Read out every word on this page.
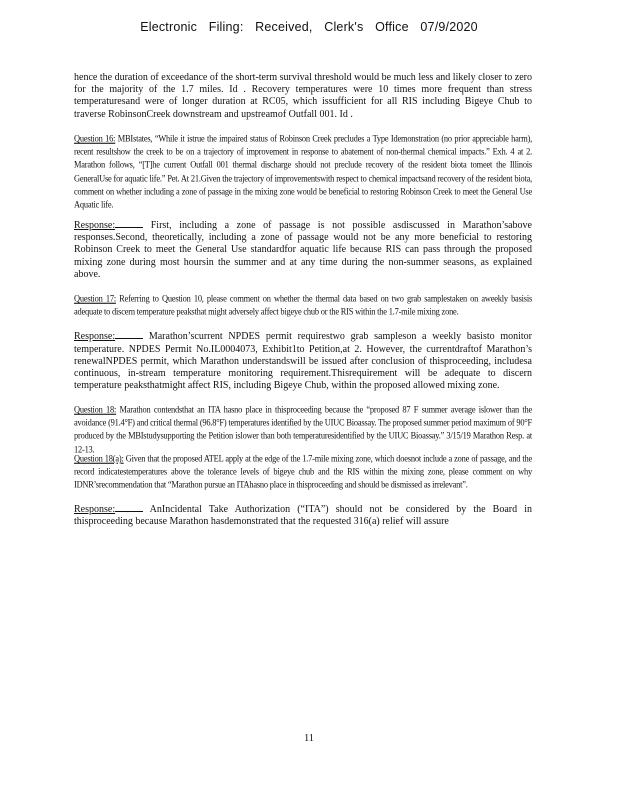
Electronic Filing: Received, Clerk's Office 07/9/2020

hence the duration of exceedance of the short-term survival threshold would be much less and likely closer to zero for the majority of the 1.7 miles. Id . Recovery temperatures were 10 times more frequent than stress temperaturesand were of longer duration at RC05, which issufficient for all RIS including Bigeye Chub to traverse RobinsonCreek downstream and upstreamof Outfall 001. Id .

Question 16: MBIstates, “While it istrue the impaired status of Robinson Creek precludes a Type Idemonstration (no prior appreciable harm), recent resultshow the creek to be on a trajectory of improvement in response to abatement of non-thermal chemical impacts.” Exh. 4 at 2. Marathon follows, “[T]he current Outfall 001 thermal discharge should not preclude recovery of the resident biota tomeet the Illinois GeneralUse for aquatic life.” Pet. At 21.Given the trajectory of improvementswith respect to chemical impactsand recovery of the resident biota, comment on whether including a zone of passage in the mixing zone would be beneficial to restoring Robinson Creek to meet the General Use Aquatic life.

Response:	First, including a zone of passage is not possible asdiscussed in Marathon’sabove responses.Second, theoretically, including a zone of passage would not be any more beneficial to restoring Robinson Creek to meet the General Use standardfor aquatic life because RIS can pass through the proposed mixing zone during most hoursin the summer and at any time during the non-summer seasons, as explained above.

Question 17: Referring to Question 10, please comment on whether the thermal data based on two grab samplestaken on aweekly basisis adequate to discern temperature peaksthat might adversely affect bigeye chub or the RIS within the 1.7-mile mixing zone.

Response:	Marathon’scurrent NPDES permit requirestwo grab sampleson a weekly basisto monitor temperature. NPDES Permit No.IL0004073, Exhibit1to Petition,at 2. However, the currentdraftof Marathon’s renewalNPDES permit, which Marathon understandswill be issued after conclusion of thisproceeding, includesa continuous, in-stream temperature monitoring requirement.Thisrequirement will be adequate to discern temperature peaksthatmight affect RIS, including Bigeye Chub, within the proposed allowed mixing zone.

Question 18: Marathon contendsthat an ITA hasno place in thisproceeding because the “proposed 87 F summer average islower than the avoidance (91.4°F) and critical thermal (96.8°F) temperatures identified by the UIUC Bioassay. The proposed summer period maximum of 90°F produced by the MBIstudysupporting the Petition islower than both temperaturesidentified by the UIUC Bioassay.” 3/15/19 Marathon Resp. at 12-13.

Question 18(a): Given that the proposed ATEL apply at the edge of the 1.7-mile mixing zone, which doesnot include a zone of passage, and the record indicatestemperatures above the tolerance levels of bigeye chub and the RIS within the mixing zone, please comment on why IDNR’srecommendation that “Marathon pursue an ITAhasno place in thisproceeding and should be dismissed as irrelevant”.

Response:	AnIncidental Take Authorization (“ITA”) should not be considered by the Board in thisproceeding because Marathon hasdemonstrated that the requested 316(a) relief will assure

11
